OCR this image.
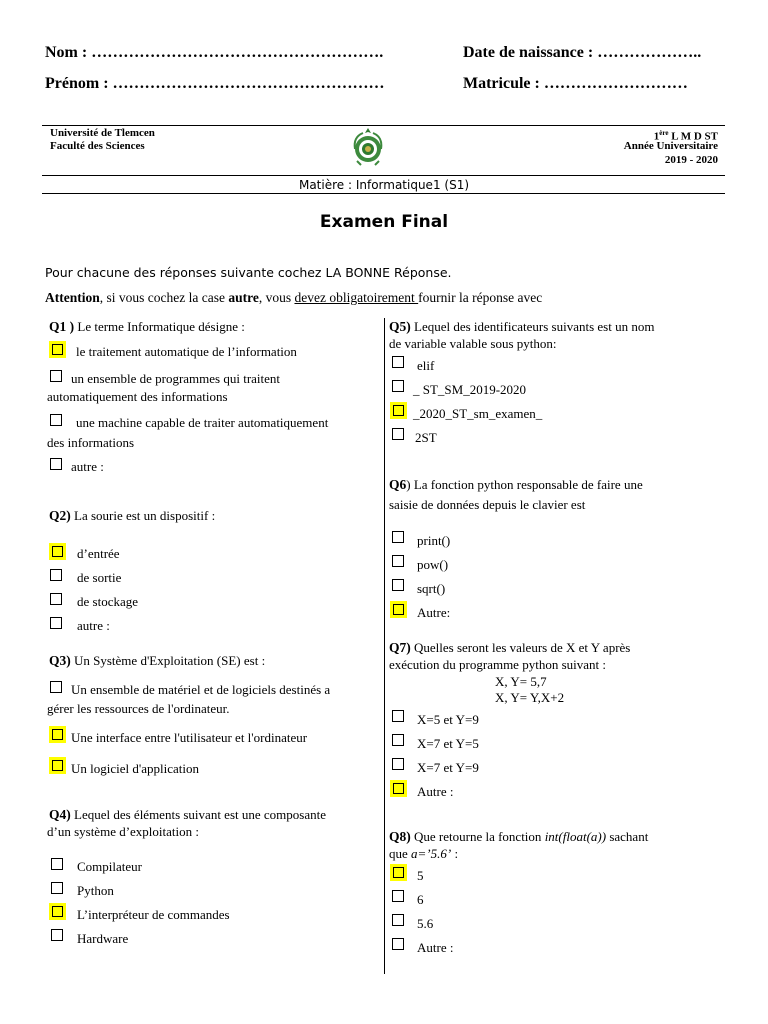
Nom : ……………………………………………….
Prénom : ……………………………………………
Date de naissance : ………………..
Matricule : ………………………
Université de Tlemcen
Faculté des Sciences
1ère L M D ST
Année Universitaire
2019 - 2020
Matière : Informatique1 (S1)
Examen Final
Pour chacune des réponses suivante cochez LA BONNE Réponse.
Attention, si vous cochez la case autre, vous devez obligatoirement fournir la réponse avec
Q1 ) Le terme Informatique désigne :
le traitement automatique de l’information
un ensemble de programmes qui traitent
automatiquement des informations
une machine capable de traiter automatiquement
des informations
autre :
Q2) La sourie est un dispositif :
d’entrée
de sortie
de stockage
autre :
Q3) Un Système d'Exploitation (SE) est :
Un ensemble de matériel et de logiciels destinés a
gérer les ressources de l'ordinateur.
Une interface entre l'utilisateur et l'ordinateur
Un logiciel d'application
Q4) Lequel des éléments suivant est une composante
d’un système d’exploitation :
Compilateur
Python
L’interpréteur de commandes
Hardware
Q5) Lequel des identificateurs suivants est un nom
de variable valable sous python:
elif
_ ST_SM_2019-2020
_2020_ST_sm_examen_
2ST
Q6) La fonction python responsable de faire une
saisie de données depuis le clavier est
print()
pow()
sqrt()
Autre:
Q7) Quelles seront les valeurs de X et Y après
exécution du programme python suivant :
X, Y= 5,7
X, Y= Y,X+2
X=5 et Y=9
X=7 et Y=5
X=7 et Y=9
Autre :
Q8) Que retourne la fonction int(float(a)) sachant
que a=’5.6’ :
5
6
5.6
Autre :
